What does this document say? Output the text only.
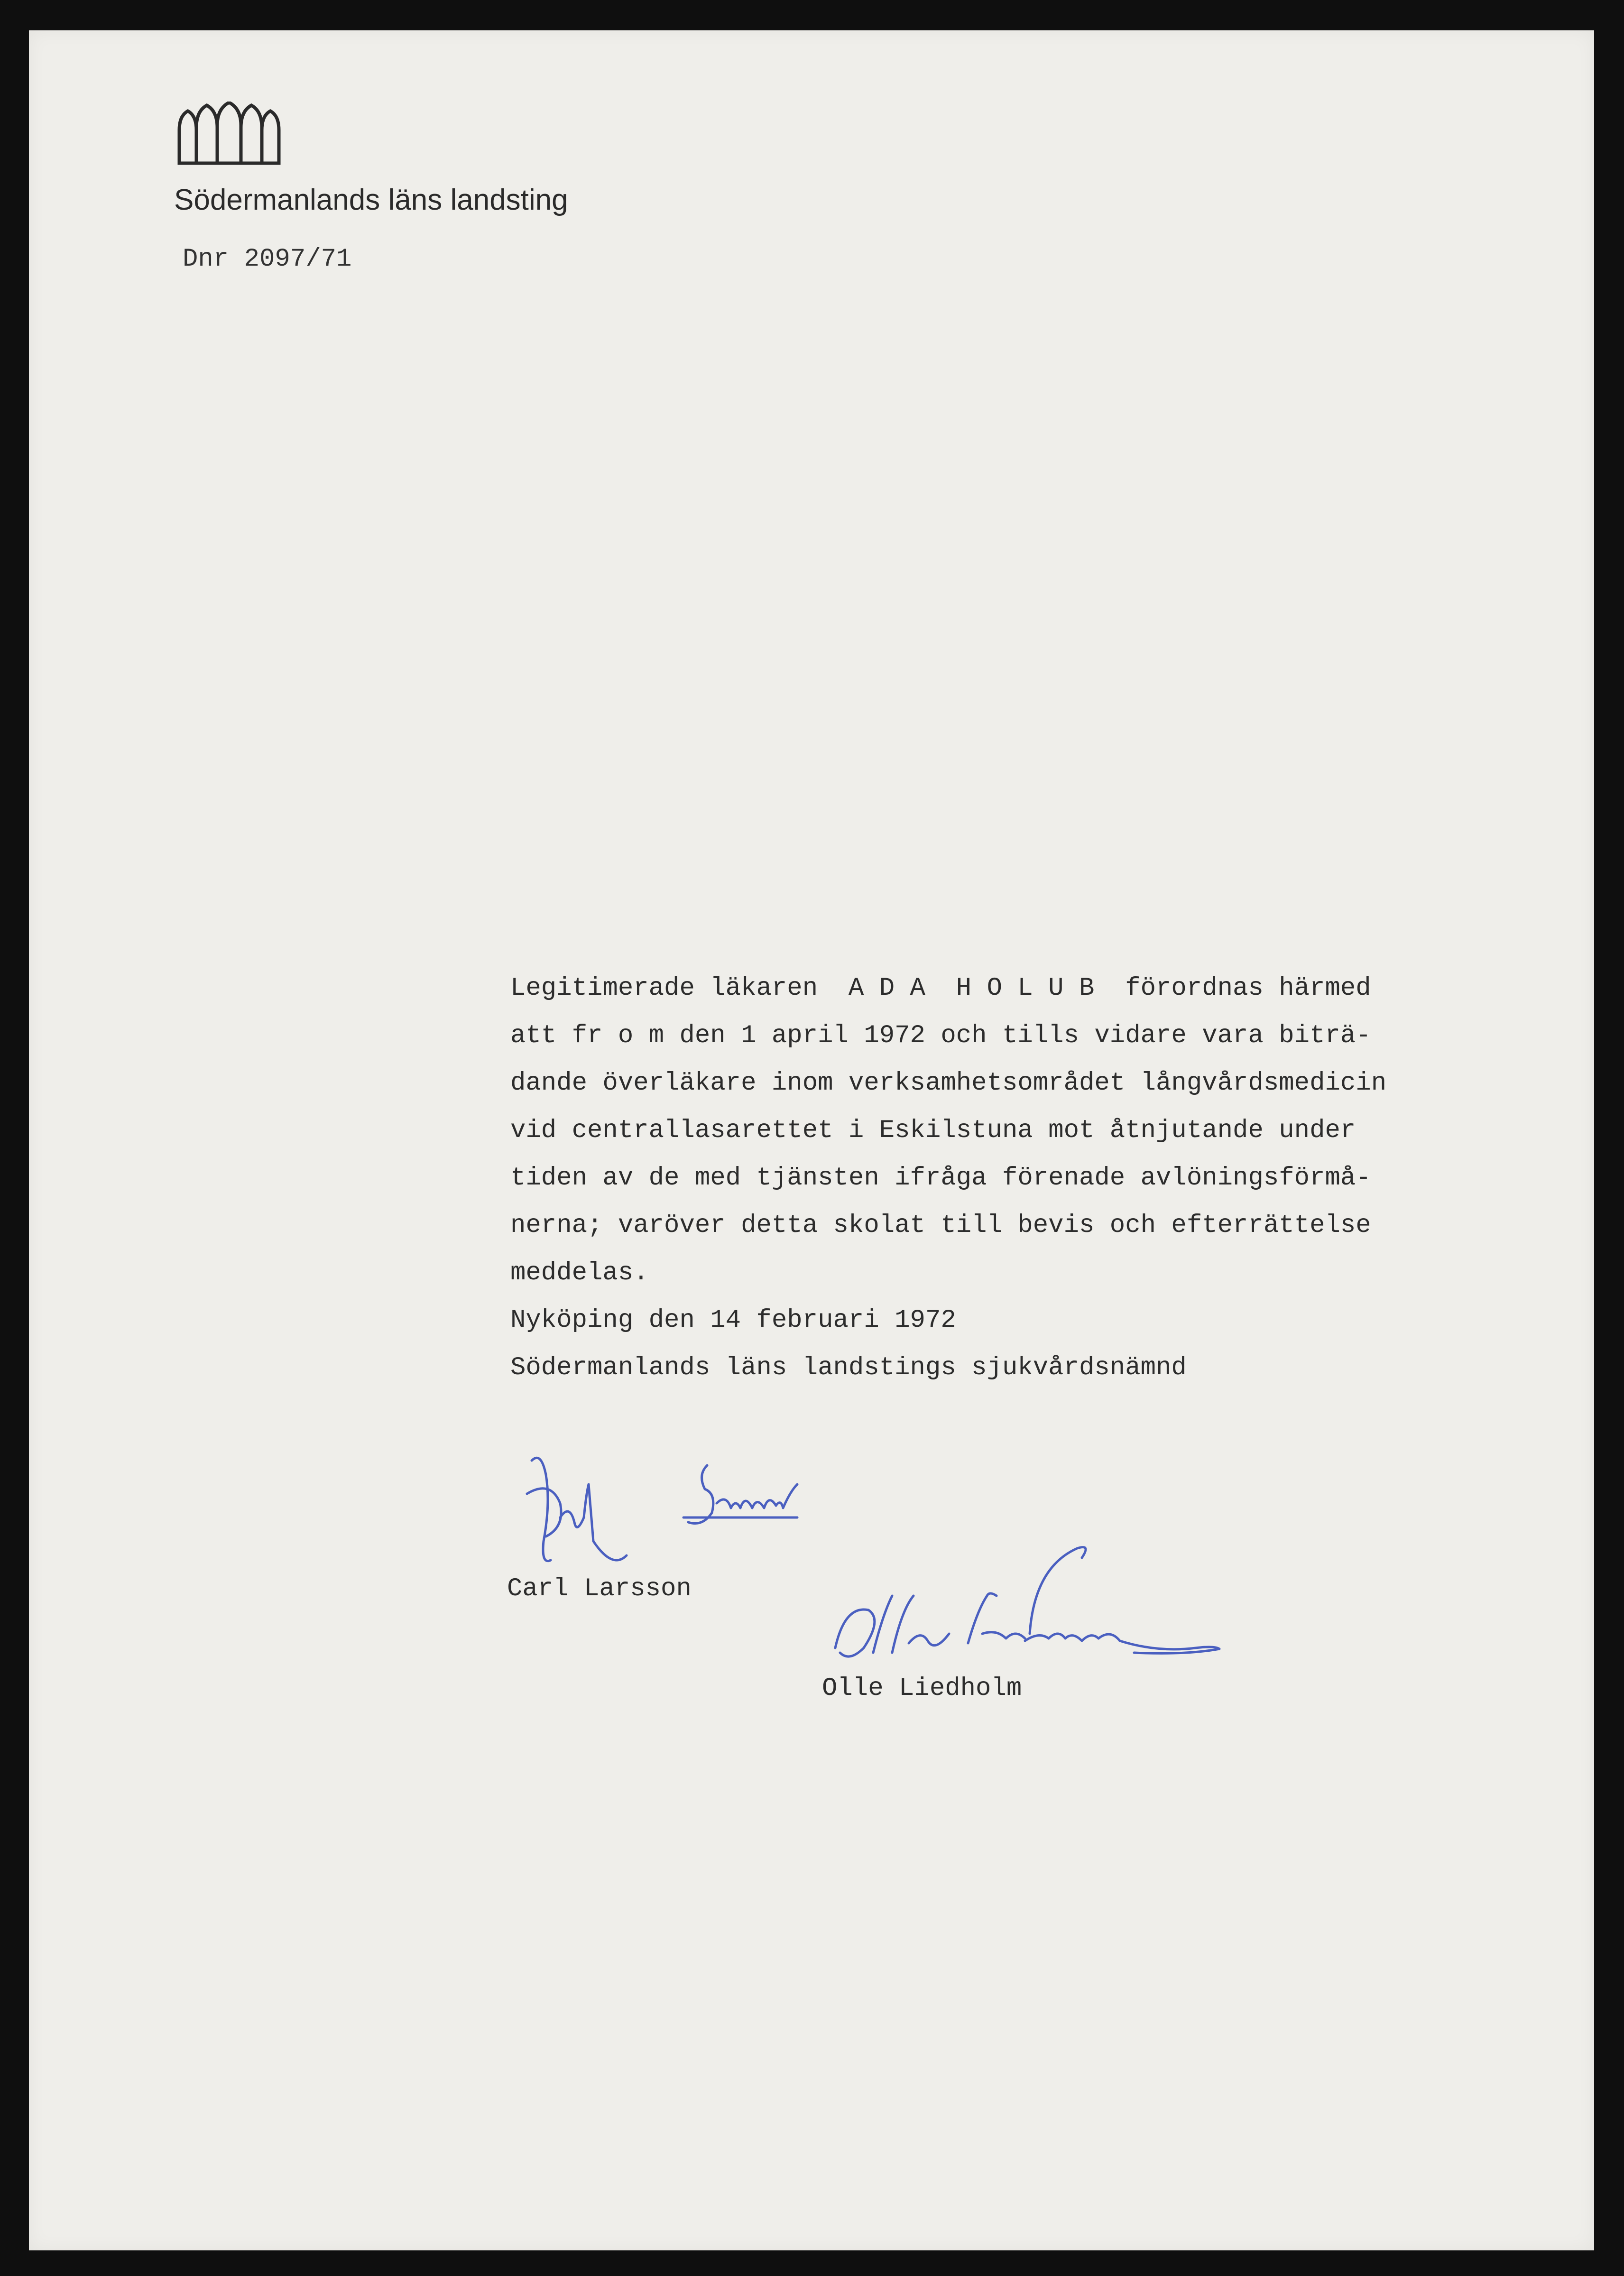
Södermanlands läns landsting
Dnr 2097/71
Legitimerade läkaren  A D A  H O L U B  förordnas härmed
att fr o m den 1 april 1972 och tills vidare vara biträ-
dande överläkare inom verksamhetsområdet långvårdsmedicin
vid centrallasarettet i Eskilstuna mot åtnjutande under
tiden av de med tjänsten ifråga förenade avlöningsförmå-
nerna; varöver detta skolat till bevis och efterrättelse
meddelas.
Nyköping den 14 februari 1972
Södermanlands läns landstings sjukvårdsnämnd
Carl Larsson
Olle Liedholm
